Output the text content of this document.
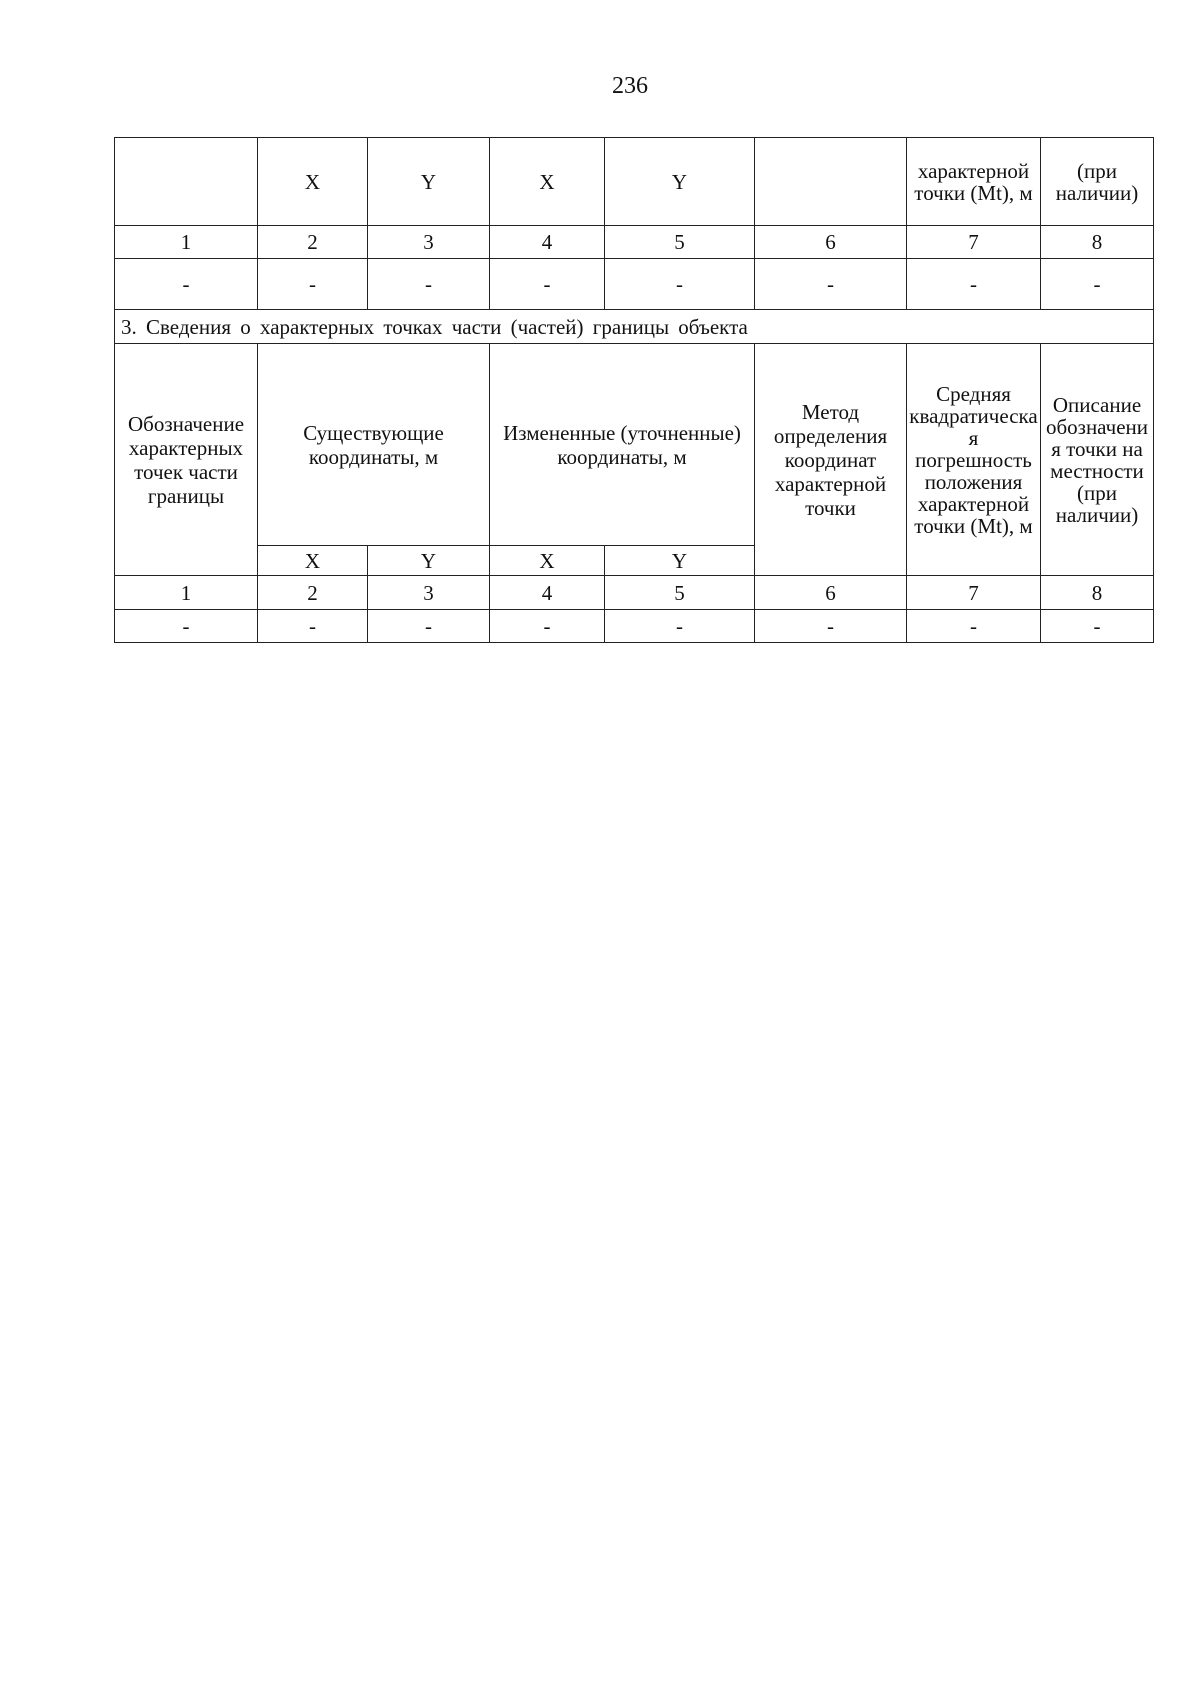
236
	X	Y	X	Y		характерной точки (Mt), м	(при наличии)
1	2	3	4	5	6	7	8
-	-	-	-	-	-	-	-
3. Сведения о характерных точках части (частей) границы объекта							
Обозначение характерных точек части границы	Существующие координаты, м		Измененные (уточненные) координаты, м		Метод определения координат характерной точки	Средняя квадратическая погрешность положения характерной точки (Mt), м	Описание обозначения точки на местности (при наличии)
	X	Y	X	Y			
1	2	3	4	5	6	7	8
-	-	-	-	-	-	-	-
